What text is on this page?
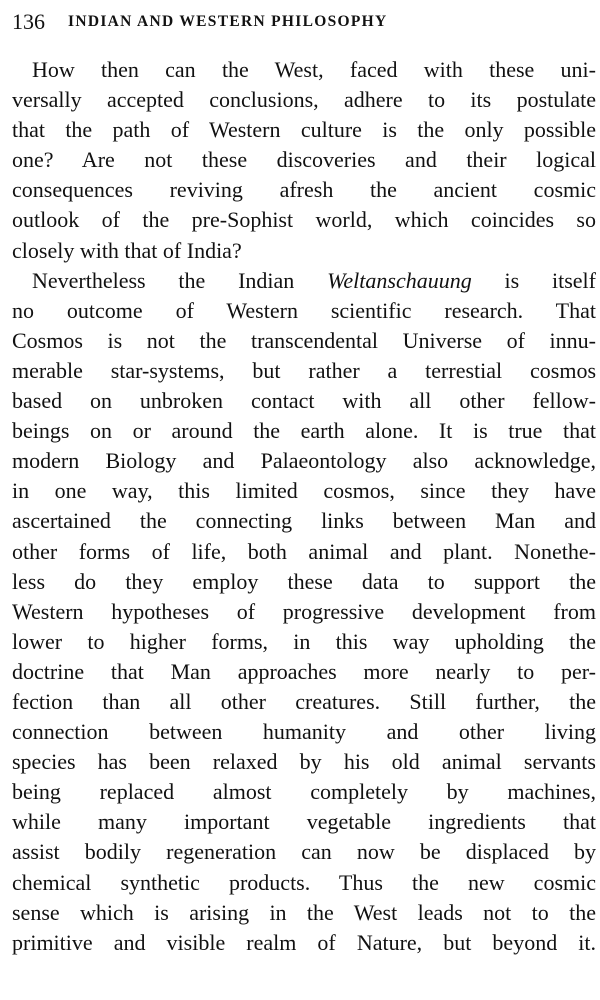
136 INDIAN AND WESTERN PHILOSOPHY
How then can the West, faced with these uni-
versally accepted conclusions, adhere to its postulate
that the path of Western culture is the only possible
one? Are not these discoveries and their logical
consequences reviving afresh the ancient cosmic
outlook of the pre-Sophist world, which coincides so
closely with that of India?
Nevertheless the Indian Weltanschauung is itself
no outcome of Western scientific research. That
Cosmos is not the transcendental Universe of innu-
merable star-systems, but rather a terrestial cosmos
based on unbroken contact with all other fellow-
beings on or around the earth alone. It is true that
modern Biology and Palaeontology also acknowledge,
in one way, this limited cosmos, since they have
ascertained the connecting links between Man and
other forms of life, both animal and plant. Nonethe-
less do they employ these data to support the
Western hypotheses of progressive development from
lower to higher forms, in this way upholding the
doctrine that Man approaches more nearly to per-
fection than all other creatures. Still further, the
connection between humanity and other living
species has been relaxed by his old animal servants
being replaced almost completely by machines,
while many important vegetable ingredients that
assist bodily regeneration can now be displaced by
chemical synthetic products. Thus the new cosmic
sense which is arising in the West leads not to the
primitive and visible realm of Nature, but beyond it.
